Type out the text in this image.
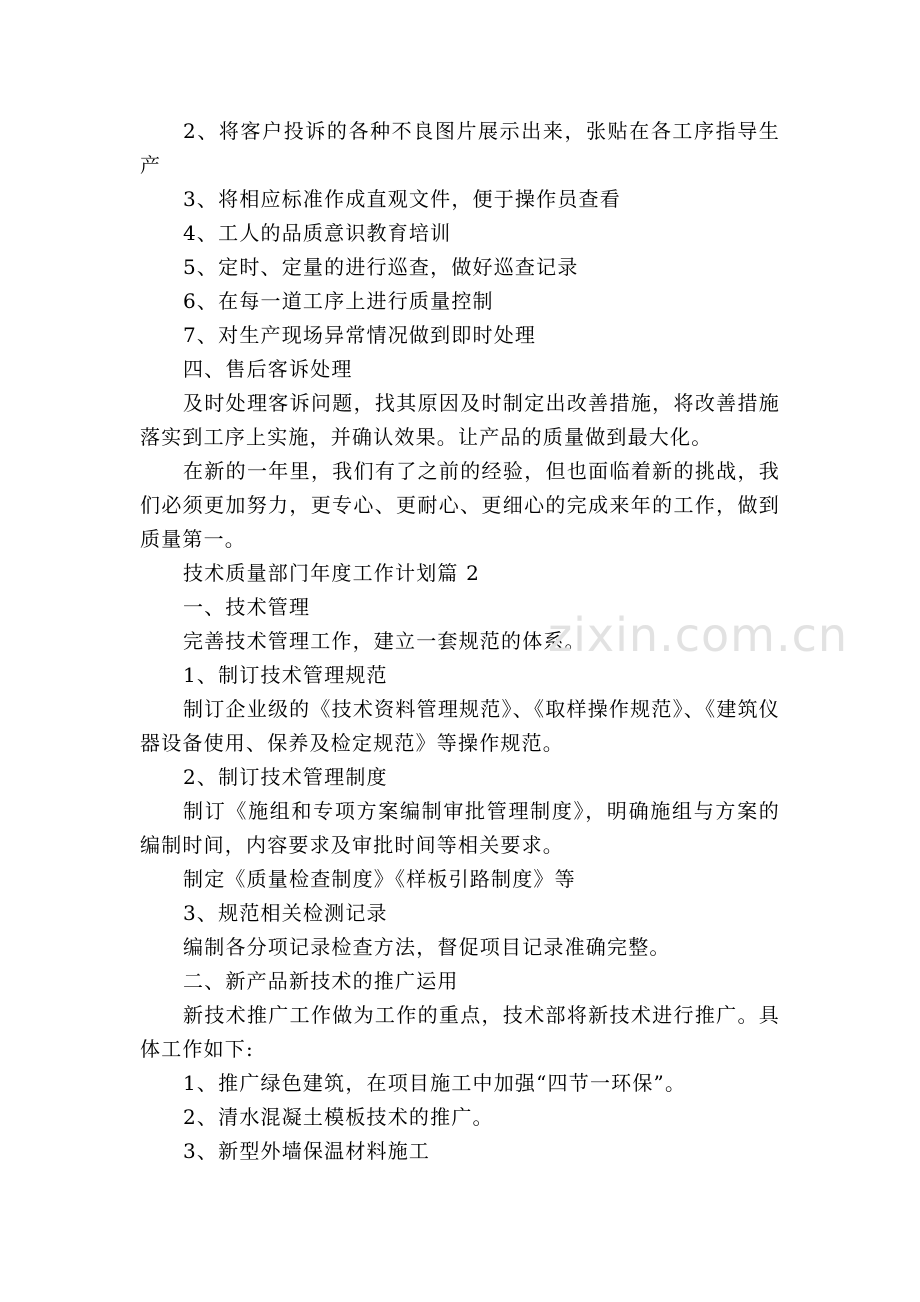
2、将客户投诉的各种不良图片展示出来，张贴在各工序指导生产

3、将相应标准作成直观文件，便于操作员查看

4、工人的品质意识教育培训

5、定时、定量的进行巡查，做好巡查记录

6、在每一道工序上进行质量控制

7、对生产现场异常情况做到即时处理

四、售后客诉处理

及时处理客诉问题，找其原因及时制定出改善措施，将改善措施落实到工序上实施，并确认效果。让产品的质量做到最大化。

在新的一年里，我们有了之前的经验，但也面临着新的挑战，我们必须更加努力，更专心、更耐心、更细心的完成来年的工作，做到质量第一。

技术质量部门年度工作计划篇 2

一、技术管理

完善技术管理工作，建立一套规范的体系。

1、制订技术管理规范

制订企业级的《技术资料管理规范》、《取样操作规范》、《建筑仪器设备使用、保养及检定规范》等操作规范。

2、制订技术管理制度

制订《施组和专项方案编制审批管理制度》，明确施组与方案的编制时间，内容要求及审批时间等相关要求。

制定《质量检查制度》《样板引路制度》等

3、规范相关检测记录

编制各分项记录检查方法，督促项目记录准确完整。

二、新产品新技术的推广运用

新技术推广工作做为工作的重点，技术部将新技术进行推广。具体工作如下:

1、推广绿色建筑，在项目施工中加强“四节一环保”。

2、清水混凝土模板技术的推广。

3、新型外墙保温材料施工

zixin.com.cn
